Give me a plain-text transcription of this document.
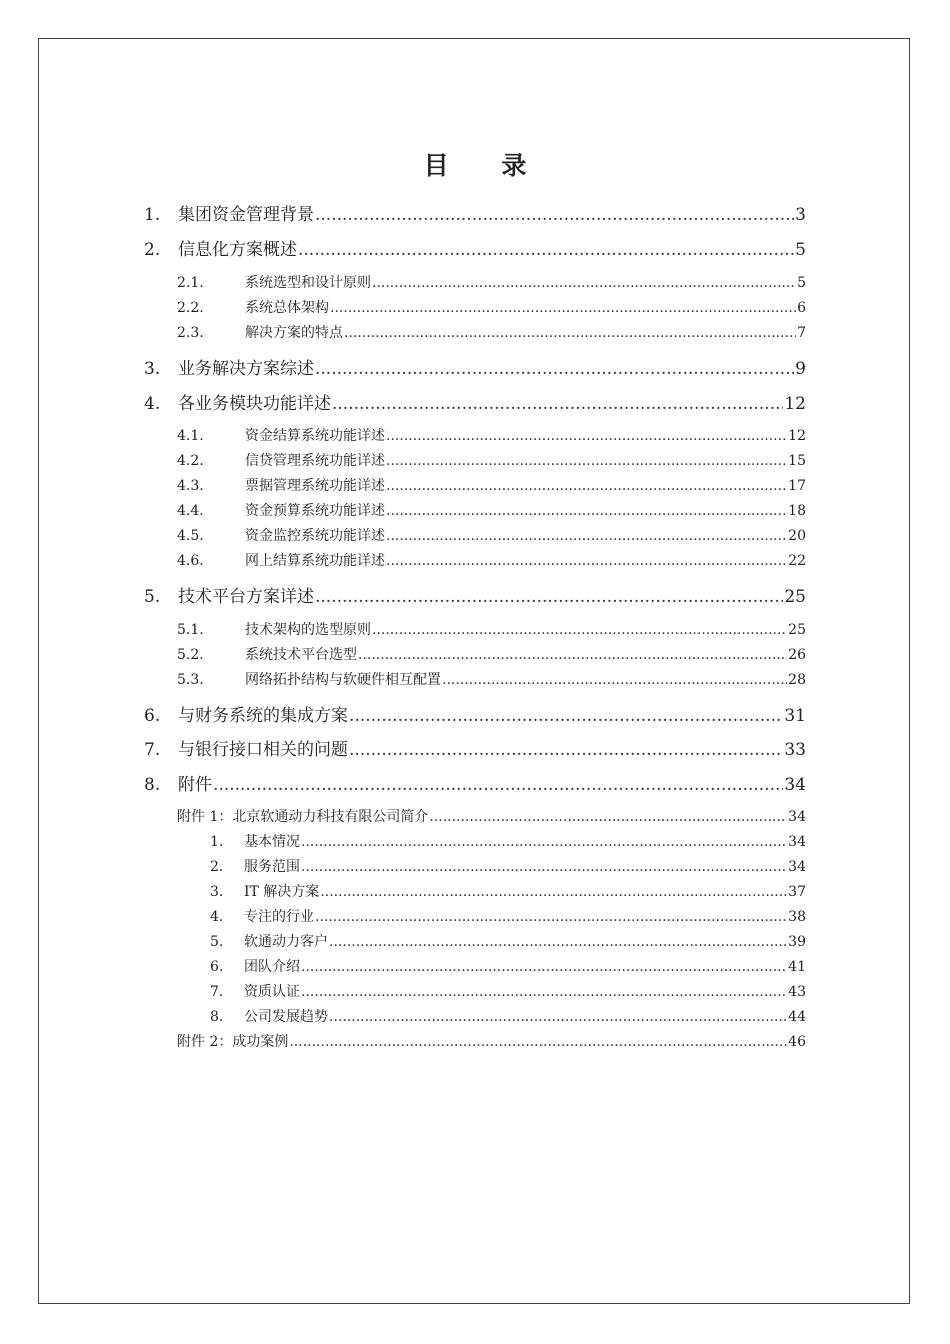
目 录
1.	集团资金管理背景 .....	3
2.	信息化方案概述 .....	5
2.1.	系统选型和设计原则 .....	5
2.2.	系统总体架构 .....	6
2.3.	解决方案的特点 .....	7
3.	业务解决方案综述 .....	9
4.	各业务模块功能详述 .....	12
4.1.	资金结算系统功能详述 .....	12
4.2.	信贷管理系统功能详述 .....	15
4.3.	票据管理系统功能详述 .....	17
4.4.	资金预算系统功能详述 .....	18
4.5.	资金监控系统功能详述 .....	20
4.6.	网上结算系统功能详述 .....	22
5.	技术平台方案详述 .....	25
5.1.	技术架构的选型原则 .....	25
5.2.	系统技术平台选型 .....	26
5.3.	网络拓扑结构与软硬件相互配置 .....	28
6.	与财务系统的集成方案 .....	31
7.	与银行接口相关的问题 .....	33
8.	附件 .....	34
附件 1：北京软通动力科技有限公司简介 .....	34
1.	基本情况 .....	34
2.	服务范围 .....	34
3.	IT 解决方案 .....	37
4.	专注的行业 .....	38
5.	软通动力客户 .....	39
6.	团队介绍 .....	41
7.	资质认证 .....	43
8.	公司发展趋势 .....	44
附件 2：成功案例 .....	46
